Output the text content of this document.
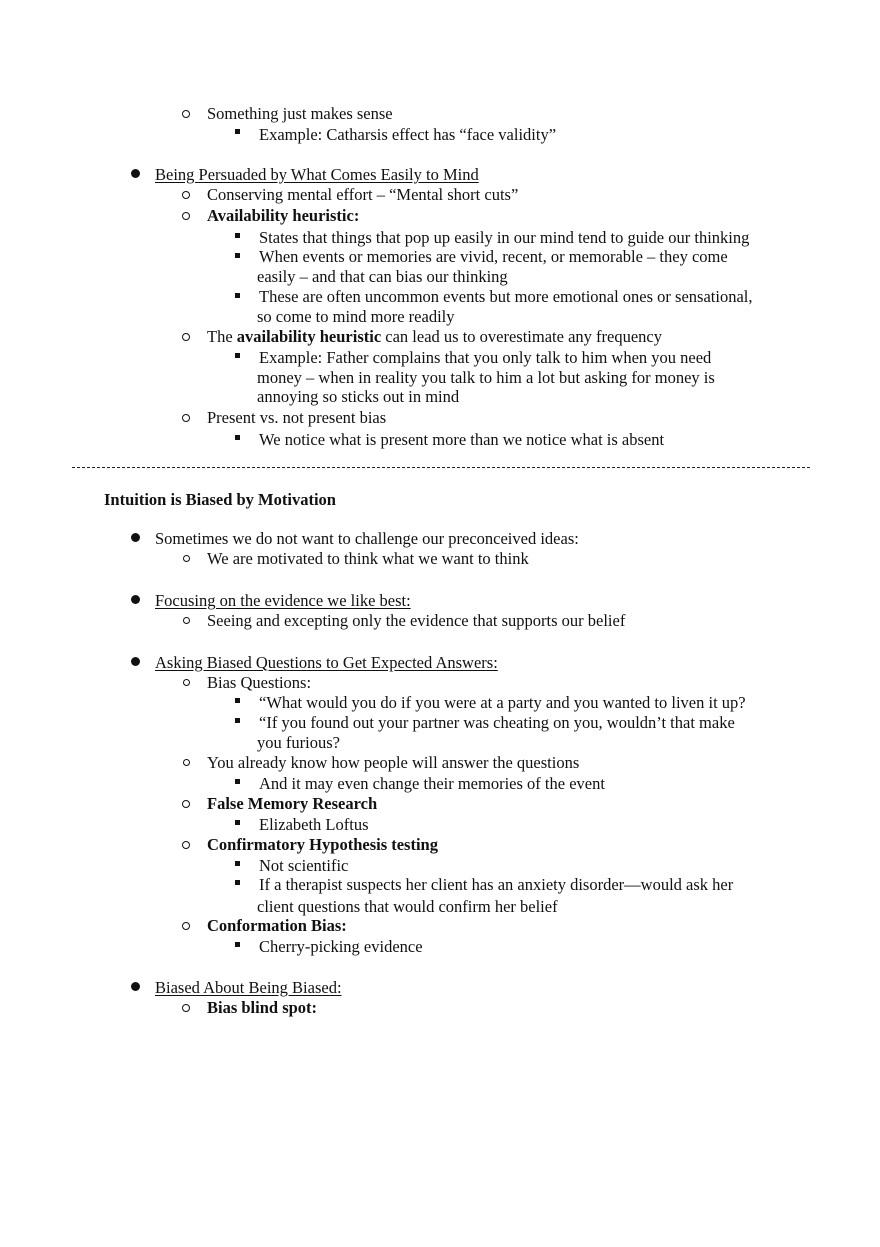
Something just makes sense
Example: Catharsis effect has “face validity”
Being Persuaded by What Comes Easily to Mind
Conserving mental effort – “Mental short cuts”
Availability heuristic:
States that things that pop up easily in our mind tend to guide our thinking
When events or memories are vivid, recent, or memorable – they come
easily – and that can bias our thinking
These are often uncommon events but more emotional ones or sensational,
so come to mind more readily
The availability heuristic can lead us to overestimate any frequency
Example: Father complains that you only talk to him when you need
money – when in reality you talk to him a lot but asking for money is
annoying so sticks out in mind
Present vs. not present bias
We notice what is present more than we notice what is absent
Intuition is Biased by Motivation
Sometimes we do not want to challenge our preconceived ideas:
We are motivated to think what we want to think
Focusing on the evidence we like best:
Seeing and excepting only the evidence that supports our belief
Asking Biased Questions to Get Expected Answers:
Bias Questions:
“What would you do if you were at a party and you wanted to liven it up?
“If you found out your partner was cheating on you, wouldn’t that make
you furious?
You already know how people will answer the questions
And it may even change their memories of the event
False Memory Research
Elizabeth Loftus
Confirmatory Hypothesis testing
Not scientific
If a therapist suspects her client has an anxiety disorder—would ask her
client questions that would confirm her belief
Conformation Bias:
Cherry-picking evidence
Biased About Being Biased:
Bias blind spot:
